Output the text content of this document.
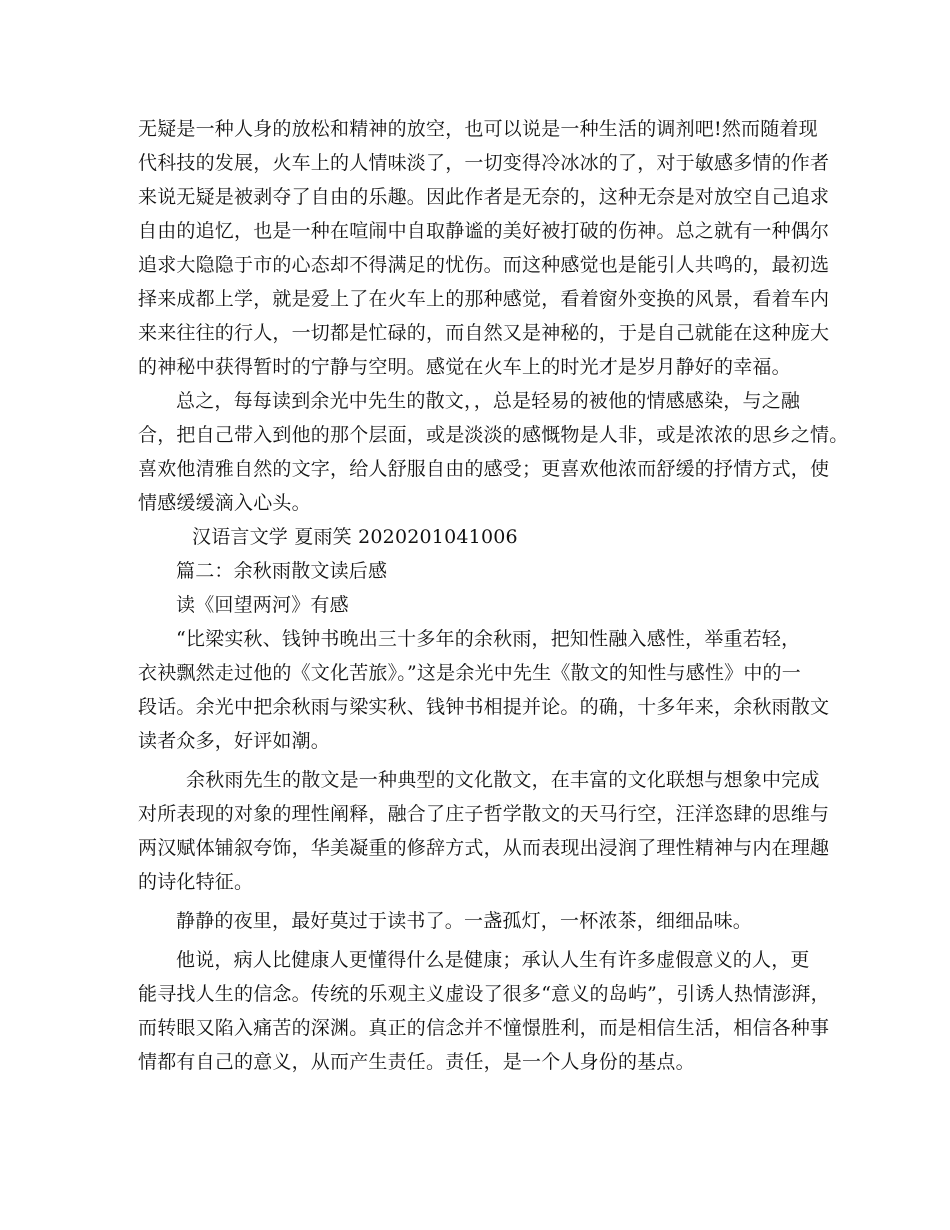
无疑是一种人身的放松和精神的放空，也可以说是一种生活的调剂吧!然而随着现
代科技的发展，火车上的人情味淡了，一切变得冷冰冰的了，对于敏感多情的作者
来说无疑是被剥夺了自由的乐趣。因此作者是无奈的，这种无奈是对放空自己追求
自由的追忆，也是一种在喧闹中自取静谧的美好被打破的伤神。总之就有一种偶尔
追求大隐隐于市的心态却不得满足的忧伤。而这种感觉也是能引人共鸣的，最初选
择来成都上学，就是爱上了在火车上的那种感觉，看着窗外变换的风景，看着车内
来来往往的行人，一切都是忙碌的，而自然又是神秘的，于是自己就能在这种庞大
的神秘中获得暂时的宁静与空明。感觉在火车上的时光才是岁月静好的幸福。
总之，每每读到余光中先生的散文，，总是轻易的被他的情感感染，与之融
合，把自己带入到他的那个层面，或是淡淡的感慨物是人非，或是浓浓的思乡之情。
喜欢他清雅自然的文字，给人舒服自由的感受；更喜欢他浓而舒缓的抒情方式，使
情感缓缓滴入心头。
汉语言文学 夏雨笑 2020201041006
篇二：余秋雨散文读后感
读《回望两河》有感
“比梁实秋、钱钟书晚出三十多年的余秋雨，把知性融入感性，举重若轻，
衣袂飘然走过他的《文化苦旅》。”这是余光中先生《散文的知性与感性》中的一
段话。余光中把余秋雨与梁实秋、钱钟书相提并论。的确，十多年来，余秋雨散文
读者众多，好评如潮。
余秋雨先生的散文是一种典型的文化散文，在丰富的文化联想与想象中完成
对所表现的对象的理性阐释，融合了庄子哲学散文的天马行空，汪洋恣肆的思维与
两汉赋体铺叙夸饰，华美凝重的修辞方式，从而表现出浸润了理性精神与内在理趣
的诗化特征。
静静的夜里，最好莫过于读书了。一盏孤灯，一杯浓茶，细细品味。
他说，病人比健康人更懂得什么是健康；承认人生有许多虚假意义的人，更
能寻找人生的信念。传统的乐观主义虚设了很多“意义的岛屿”，引诱人热情澎湃，
而转眼又陷入痛苦的深渊。真正的信念并不憧憬胜利，而是相信生活，相信各种事
情都有自己的意义，从而产生责任。责任，是一个人身份的基点。
